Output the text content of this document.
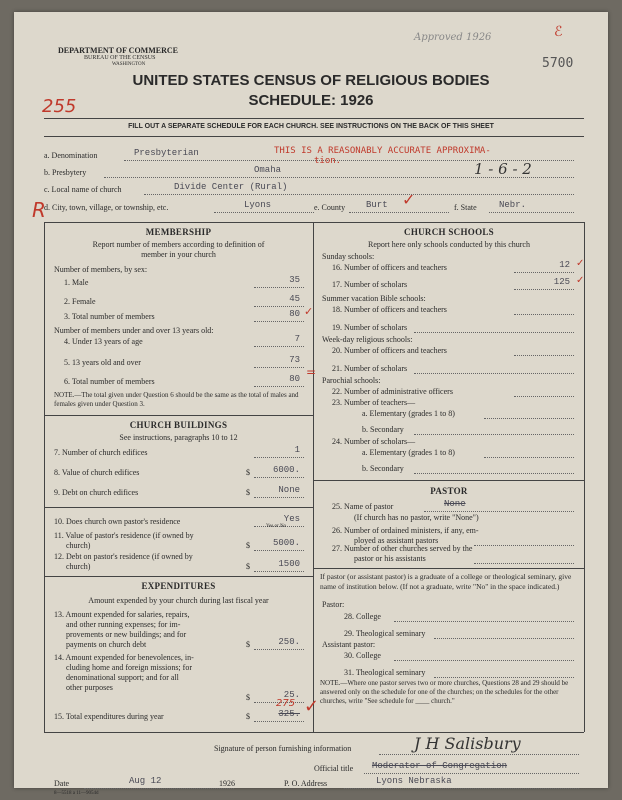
DEPARTMENT OF COMMERCE
BUREAU OF THE CENSUS
WASHINGTON
Approved 1926
5700
ℰ
UNITED STATES CENSUS OF RELIGIOUS BODIES
SCHEDULE: 1926
255
FILL OUT A SEPARATE SCHEDULE FOR EACH CHURCH. SEE INSTRUCTIONS ON THE BACK OF THIS SHEET
a. Denomination	Presbyterian	THIS IS A REASONABLY ACCURATE APPROXIMA-
tion.
b. Presbytery	Omaha	1 - 6 - 2
c. Local name of church	Divide Center (Rural)
d. City, town, village, or township, etc.	Lyons	e. County Burt ✓	f. State Nebr.
R
MEMBERSHIP
Report number of members according to definition of
member in your church
Number of members, by sex:
1. Male	35
2. Female	45
3. Total number of members	80 ✓
Number of members under and over 13 years old:
4. Under 13 years of age	7
5. 13 years old and over	73
6. Total number of members	80 =
NOTE.—The total given under Question 6 should be the same as the total of males and females given under Question 3.
CHURCH BUILDINGS
See instructions, paragraphs 10 to 12
7. Number of church edifices	1
8. Value of church edifices	$	6000.
9. Debt on church edifices	$	None
10. Does church own pastor's residence	Yes
Yes or No
11. Value of pastor's residence (if owned by
church)	$	5000.
12. Debt on pastor's residence (if owned by
church)	$	1500
EXPENDITURES
Amount expended by your church during last fiscal year
13. Amount expended for salaries, repairs,
and other running expenses; for im-
provements or new buildings; and for
payments on church debt	$	250.
14. Amount expended for benevolences, in-
cluding home and foreign missions; for
denominational support; and for all
other purposes
$	25.
15. Total expenditures during year	$	325.
275 ✓
CHURCH SCHOOLS
Report here only schools conducted by this church
Sunday schools:
16. Number of officers and teachers	12 ✓
17. Number of scholars	125 ✓
Summer vacation Bible schools:
18. Number of officers and teachers
19. Number of scholars
Week-day religious schools:
20. Number of officers and teachers
21. Number of scholars
Parochial schools:
22. Number of administrative officers
23. Number of teachers—
a. Elementary (grades 1 to 8)
b. Secondary
24. Number of scholars—
a. Elementary (grades 1 to 8)
b. Secondary
PASTOR
25. Name of pastor	None
(If church has no pastor, write "None")
26. Number of ordained ministers, if any, em-
ployed as assistant pastors
27. Number of other churches served by the
pastor or his assistants
If pastor (or assistant pastor) is a graduate of a college or theological seminary, give name of institution below. (If not a graduate, write "No" in the space indicated.)
Pastor:
28. College
29. Theological seminary
Assistant pastor:
30. College
31. Theological seminary
NOTE.—Where one pastor serves two or more churches, Questions 28 and 29 should be answered only on the schedule for one of the churches; on the schedules for the other churches, write "See schedule for ____ church."
Signature of person furnishing information	J H Salisbury
Official title Moderator of Congregation
Date	Aug 12	1926	P. O. Address	Lyons Nebraska
8—5518 a 11—9054d
